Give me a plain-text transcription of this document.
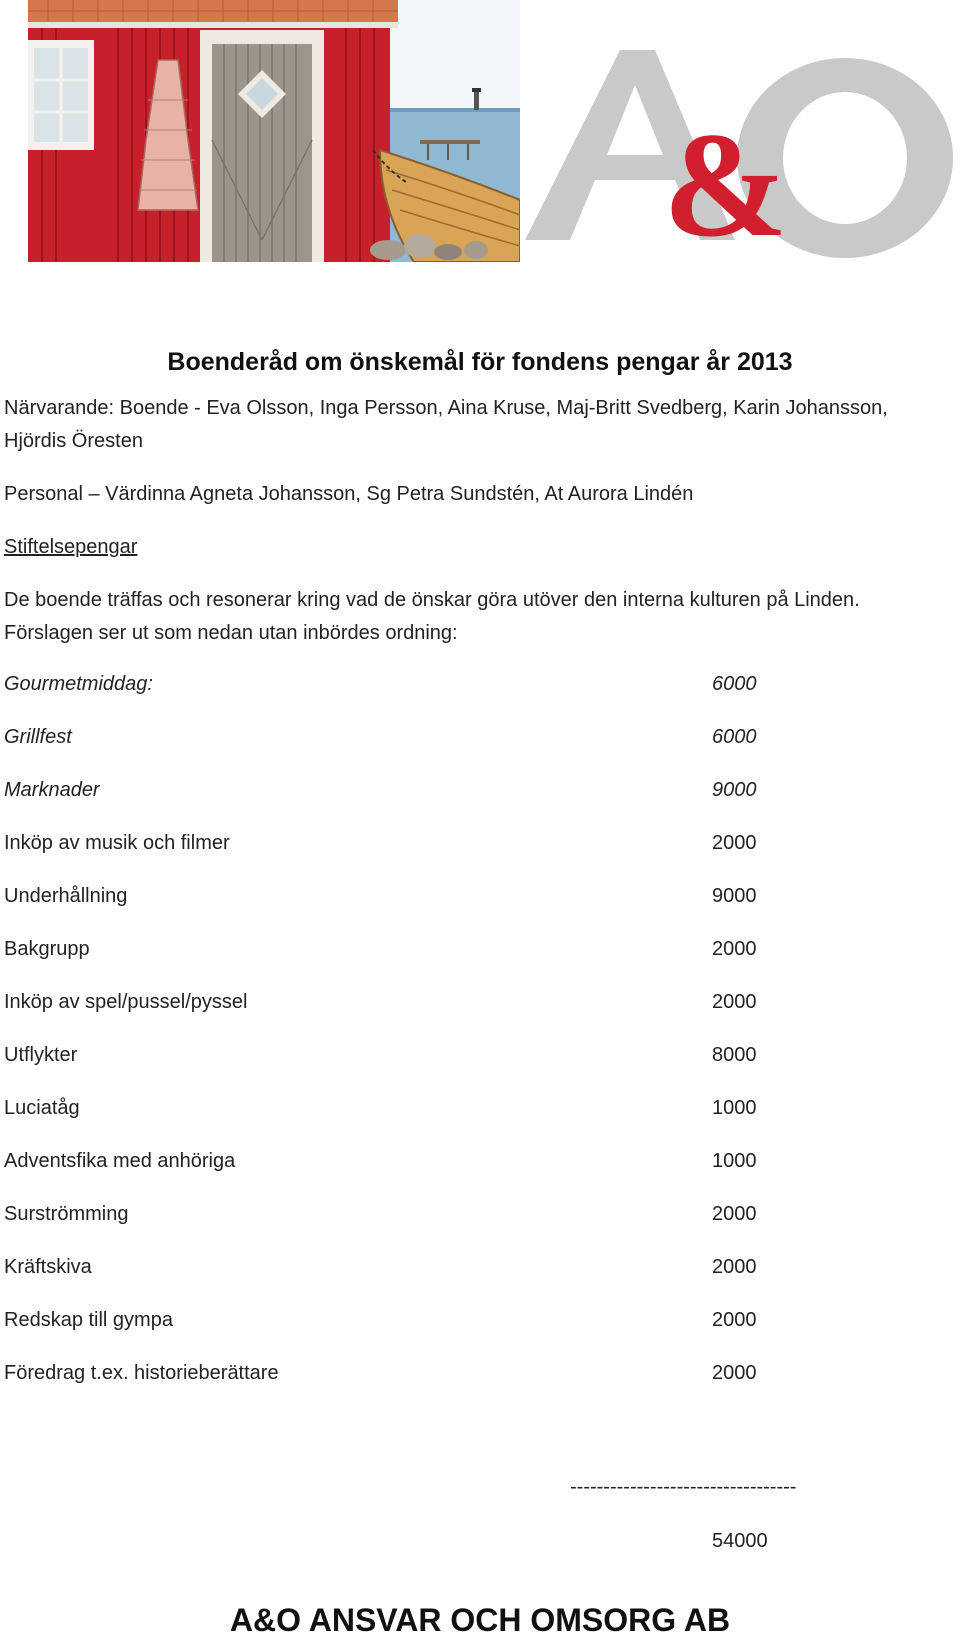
&
Boenderåd om önskemål för fondens pengar år 2013
Närvarande: Boende - Eva Olsson, Inga Persson, Aina Kruse, Maj-Britt Svedberg, Karin Johansson,
Hjördis Öresten
Personal – Värdinna Agneta Johansson, Sg Petra Sundstén, At Aurora Lindén
Stiftelsepengar
De boende träffas och resonerar kring vad de önskar göra utöver den interna kulturen på Linden.
Förslagen ser ut som nedan utan inbördes ordning:
Gourmetmiddag:	6000
Grillfest	6000
Marknader	9000
Inköp av musik och filmer	2000
Underhållning	9000
Bakgrupp	2000
Inköp av spel/pussel/pyssel	2000
Utflykter	8000
Luciatåg	1000
Adventsfika med anhöriga	1000
Surströmming	2000
Kräftskiva	2000
Redskap till gympa	2000
Föredrag t.ex. historieberättare	2000
----------------------------------
54000
A&O ANSVAR OCH OMSORG AB
